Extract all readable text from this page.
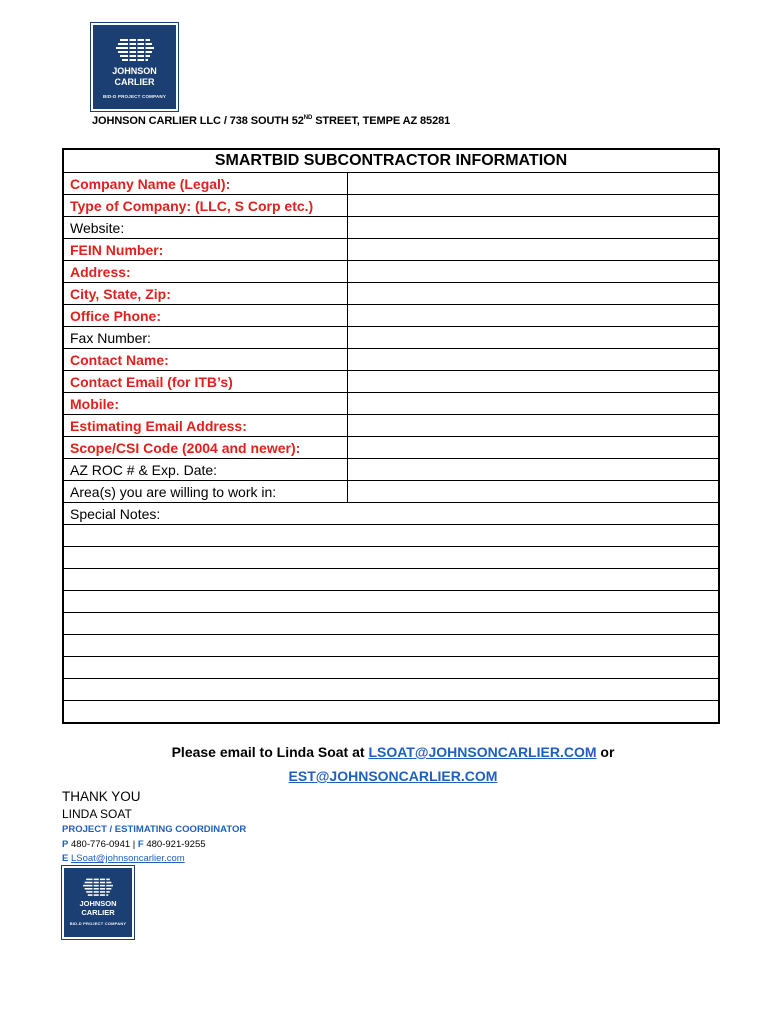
JOHNSON
CARLIER
BID-D PROJECT COMPANY
JOHNSON CARLIER LLC / 738 SOUTH 52ND STREET, TEMPE AZ 85281
SMARTBID SUBCONTRACTOR INFORMATION	
Company Name (Legal):	
Type of Company: (LLC, S Corp etc.)	
Website:	
FEIN Number:	
Address:	
City, State, Zip:	
Office Phone:	
Fax Number:	
Contact Name:	
Contact Email (for ITB’s)	
Mobile:	
Estimating Email Address:	
Scope/CSI Code (2004 and newer):	
AZ ROC # & Exp. Date:	
Area(s) you are willing to work in:	
Special Notes:	

Please email to Linda Soat at LSOAT@JOHNSONCARLIER.COM or
EST@JOHNSONCARLIER.COM
THANK YOU
LINDA SOAT
PROJECT / ESTIMATING COORDINATOR
P 480-776-0941 | F 480-921-9255
E LSoat@johnsoncarlier.com
JOHNSON
CARLIER
BID-D PROJECT COMPANY
